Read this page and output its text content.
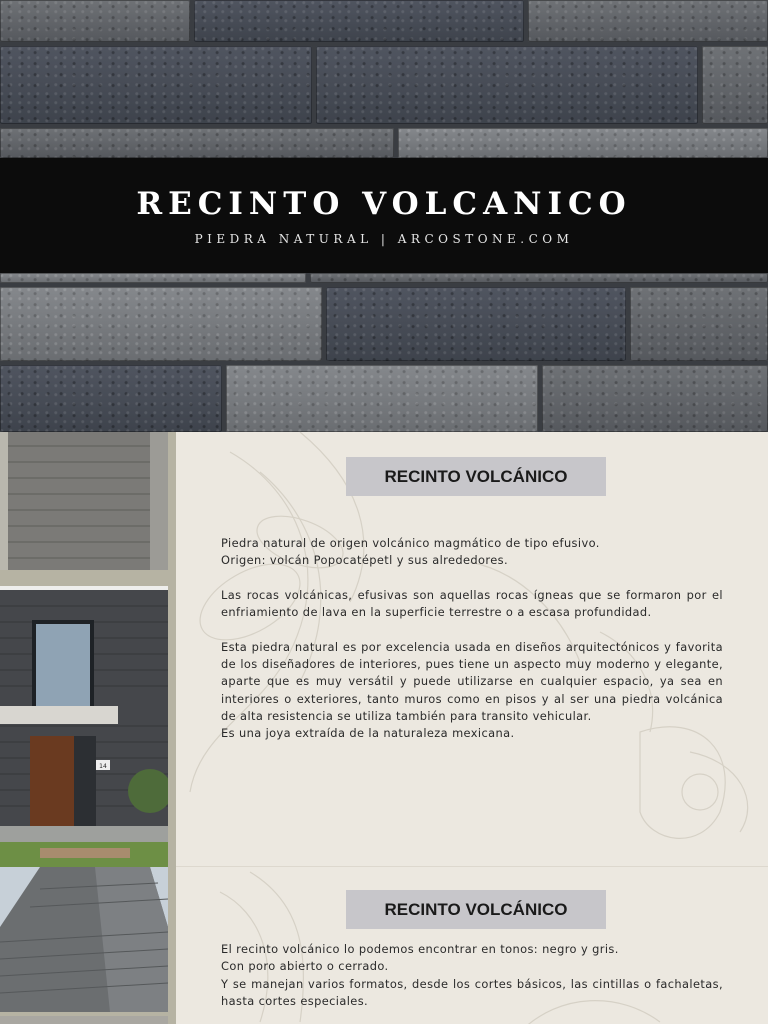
RECINTO VOLCANICO
PIEDRA NATURAL | ARCOSTONE.COM
14
RECINTO VOLCÁNICO

Piedra natural de origen volcánico magmático de tipo efusivo.

Origen: volcán Popocatépetl y sus alrededores.

Las rocas volcánicas, efusivas son aquellas rocas ígneas que se formaron por el enfriamiento de lava en la superficie terrestre o a escasa profundidad.

Esta piedra natural es por excelencia usada en diseños arquitectónicos y favorita de los diseñadores de interiores, pues tiene un aspecto muy moderno y elegante, aparte que es muy versátil y puede utilizarse en cualquier espacio, ya sea en interiores o exteriores, tanto muros como en pisos y al ser una piedra volcánica de alta resistencia se utiliza también para transito vehicular.

Es una joya extraída de la naturaleza mexicana.

RECINTO VOLCÁNICO

El recinto volcánico lo podemos encontrar en tonos: negro y gris.

Con poro abierto o cerrado.

Y se manejan varios formatos, desde los cortes básicos, las cintillas o fachaletas, hasta cortes especiales.
